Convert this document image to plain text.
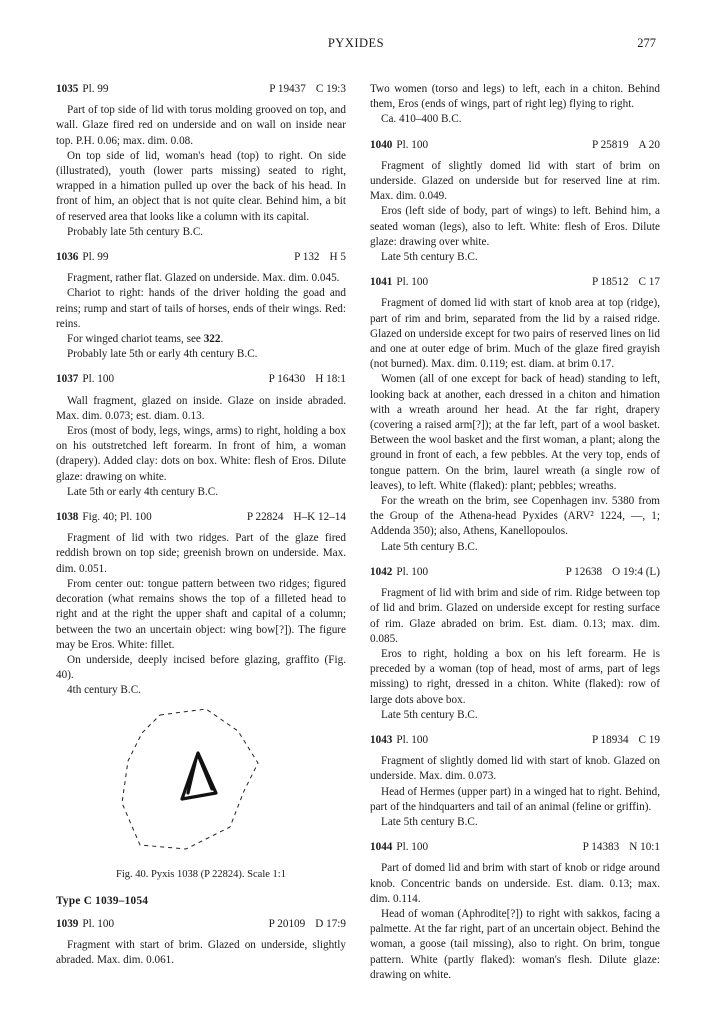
PYXIDES	277
1035 Pl. 99	P 19437 C 19:3

Part of top side of lid with torus molding grooved on top, and wall. Glaze fired red on underside and on wall on inside near top. P.H. 0.06; max. dim. 0.08.

On top side of lid, woman's head (top) to right. On side (illustrated), youth (lower parts missing) seated to right, wrapped in a himation pulled up over the back of his head. In front of him, an object that is not quite clear. Behind him, a bit of reserved area that looks like a column with its capital.

Probably late 5th century B.C.

1036 Pl. 99	P 132 H 5

Fragment, rather flat. Glazed on underside. Max. dim. 0.045.

Chariot to right: hands of the driver holding the goad and reins; rump and start of tails of horses, ends of their wings. Red: reins.

For winged chariot teams, see 322.

Probably late 5th or early 4th century B.C.

1037 Pl. 100	P 16430 H 18:1

Wall fragment, glazed on inside. Glaze on inside abraded. Max. dim. 0.073; est. diam. 0.13.

Eros (most of body, legs, wings, arms) to right, holding a box on his outstretched left forearm. In front of him, a woman (drapery). Added clay: dots on box. White: flesh of Eros. Dilute glaze: drawing on white.

Late 5th or early 4th century B.C.

1038 Fig. 40; Pl. 100	P 22824 H–K 12–14

Fragment of lid with two ridges. Part of the glaze fired reddish brown on top side; greenish brown on underside. Max. dim. 0.051.

From center out: tongue pattern between two ridges; figured decoration (what remains shows the top of a filleted head to right and at the right the upper shaft and capital of a column; between the two an uncertain object: wing bow[?]). The figure may be Eros. White: fillet.

On underside, deeply incised before glazing, graffito (Fig. 40).

4th century B.C.

Fig. 40. Pyxis 1038 (P 22824). Scale 1:1
Type C 1039–1054
1039 Pl. 100	P 20109 D 17:9

Fragment with start of brim. Glazed on underside, slightly abraded. Max. dim. 0.061.

Two women (torso and legs) to left, each in a chiton. Behind them, Eros (ends of wings, part of right leg) flying to right.

Ca. 410–400 B.C.

1040 Pl. 100	P 25819 A 20

Fragment of slightly domed lid with start of brim on underside. Glazed on underside but for reserved line at rim. Max. dim. 0.049.

Eros (left side of body, part of wings) to left. Behind him, a seated woman (legs), also to left. White: flesh of Eros. Dilute glaze: drawing over white.

Late 5th century B.C.

1041 Pl. 100	P 18512 C 17

Fragment of domed lid with start of knob area at top (ridge), part of rim and brim, separated from the lid by a raised ridge. Glazed on underside except for two pairs of reserved lines on lid and one at outer edge of brim. Much of the glaze fired grayish (not burned). Max. dim. 0.119; est. diam. at brim 0.17.

Women (all of one except for back of head) standing to left, looking back at another, each dressed in a chiton and himation with a wreath around her head. At the far right, drapery (covering a raised arm[?]); at the far left, part of a wool basket. Between the wool basket and the first woman, a plant; along the ground in front of each, a few pebbles. At the very top, ends of tongue pattern. On the brim, laurel wreath (a single row of leaves), to left. White (flaked): plant; pebbles; wreaths.

For the wreath on the brim, see Copenhagen inv. 5380 from the Group of the Athena-head Pyxides (ARV² 1224, —, 1; Addenda 350); also, Athens, Kanellopoulos.

Late 5th century B.C.

1042 Pl. 100	P 12638 O 19:4 (L)

Fragment of lid with brim and side of rim. Ridge between top of lid and brim. Glazed on underside except for resting surface of rim. Glaze abraded on brim. Est. diam. 0.13; max. dim. 0.085.

Eros to right, holding a box on his left forearm. He is preceded by a woman (top of head, most of arms, part of legs missing) to right, dressed in a chiton. White (flaked): row of large dots above box.

Late 5th century B.C.

1043 Pl. 100	P 18934 C 19

Fragment of slightly domed lid with start of knob. Glazed on underside. Max. dim. 0.073.

Head of Hermes (upper part) in a winged hat to right. Behind, part of the hindquarters and tail of an animal (feline or griffin).

Late 5th century B.C.

1044 Pl. 100	P 14383 N 10:1

Part of domed lid and brim with start of knob or ridge around knob. Concentric bands on underside. Est. diam. 0.13; max. dim. 0.114.

Head of woman (Aphrodite[?]) to right with sakkos, facing a palmette. At the far right, part of an uncertain object. Behind the woman, a goose (tail missing), also to right. On brim, tongue pattern. White (partly flaked): woman's flesh. Dilute glaze: drawing on white.
